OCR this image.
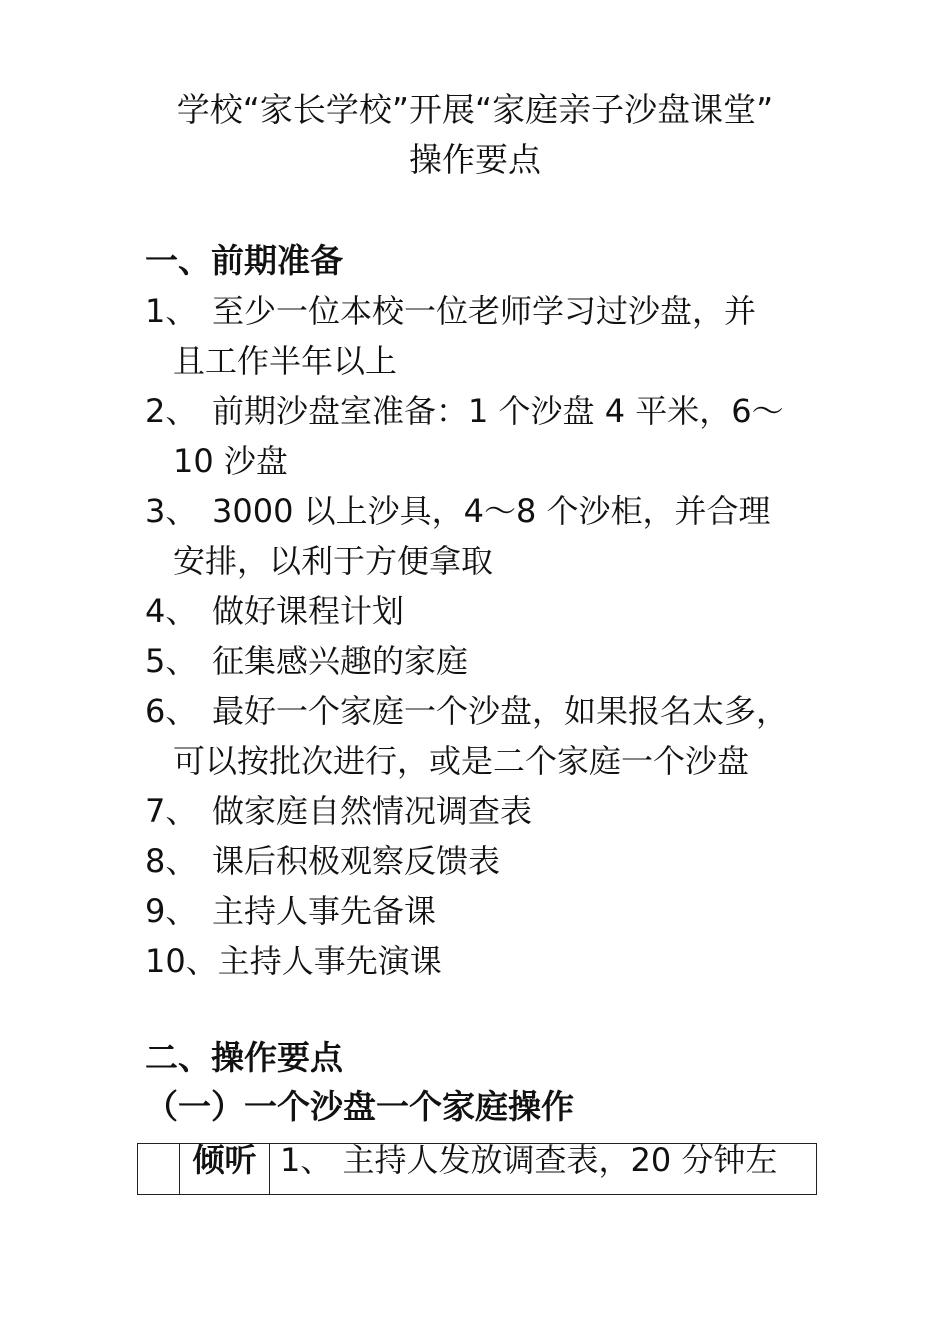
学校“家长学校”开展“家庭亲子沙盘课堂”
操作要点
一、前期准备
1、 至少一位本校一位老师学习过沙盘，并
且工作半年以上
2、 前期沙盘室准备：1 个沙盘 4 平米，6～
10 沙盘
3、 3000 以上沙具，4～8 个沙柜，并合理
安排，以利于方便拿取
4、 做好课程计划
5、 征集感兴趣的家庭
6、 最好一个家庭一个沙盘，如果报名太多，
可以按批次进行，或是二个家庭一个沙盘
7、 做家庭自然情况调查表
8、 课后积极观察反馈表
9、 主持人事先备课
10、主持人事先演课
二、操作要点
（一）一个沙盘一个家庭操作
	倾听	1、 主持人发放调查表，20 分钟左
